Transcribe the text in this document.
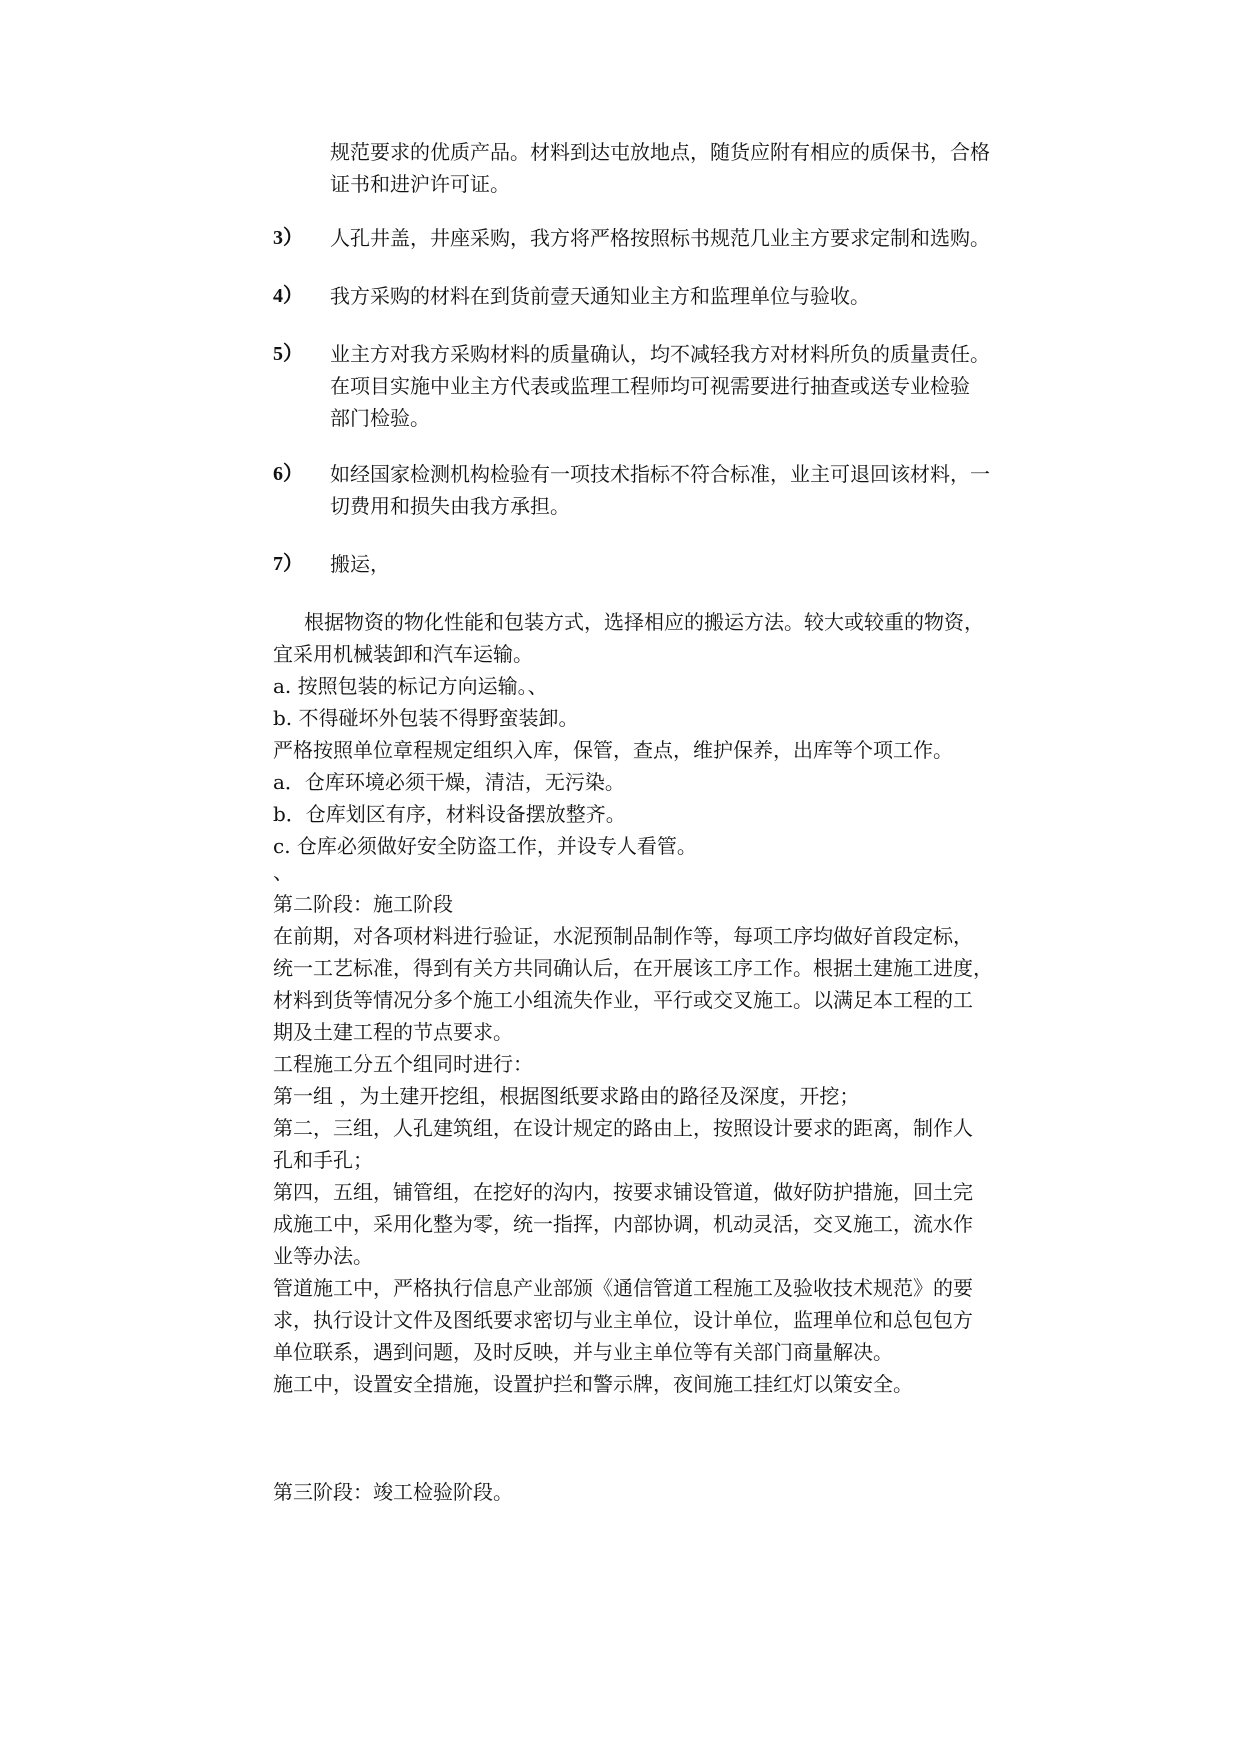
规范要求的优质产品。材料到达屯放地点，随货应附有相应的质保书，合格
证书和进沪许可证。
3） 人孔井盖，井座采购，我方将严格按照标书规范几业主方要求定制和选购。
4） 我方采购的材料在到货前壹天通知业主方和监理单位与验收。
5） 业主方对我方采购材料的质量确认，均不减轻我方对材料所负的质量责任。
在项目实施中业主方代表或监理工程师均可视需要进行抽查或送专业检验
部门检验。
6） 如经国家检测机构检验有一项技术指标不符合标准，业主可退回该材料，一
切费用和损失由我方承担。
7） 搬运，
根据物资的物化性能和包装方式，选择相应的搬运方法。较大或较重的物资，
宜采用机械装卸和汽车运输。
a. 按照包装的标记方向运输。、
b. 不得碰坏外包装不得野蛮装卸。
严格按照单位章程规定组织入库，保管，查点，维护保养，出库等个项工作。
a．仓库环境必须干燥，清洁，无污染。
b．仓库划区有序，材料设备摆放整齐。
c. 仓库必须做好安全防盗工作，并设专人看管。
、
第二阶段：施工阶段
在前期，对各项材料进行验证，水泥预制品制作等，每项工序均做好首段定标，
统一工艺标准，得到有关方共同确认后，在开展该工序工作。根据土建施工进度，
材料到货等情况分多个施工小组流失作业，平行或交叉施工。以满足本工程的工
期及土建工程的节点要求。
工程施工分五个组同时进行：
第一组 ，为土建开挖组，根据图纸要求路由的路径及深度，开挖；
第二，三组，人孔建筑组，在设计规定的路由上，按照设计要求的距离，制作人
孔和手孔；
第四，五组，铺管组，在挖好的沟内，按要求铺设管道，做好防护措施，回土完
成施工中，采用化整为零，统一指挥，内部协调，机动灵活，交叉施工，流水作
业等办法。
管道施工中，严格执行信息产业部颁《通信管道工程施工及验收技术规范》的要
求，执行设计文件及图纸要求密切与业主单位，设计单位，监理单位和总包包方
单位联系，遇到问题，及时反映，并与业主单位等有关部门商量解决。
施工中，设置安全措施，设置护拦和警示牌，夜间施工挂红灯以策安全。
第三阶段：竣工检验阶段。
